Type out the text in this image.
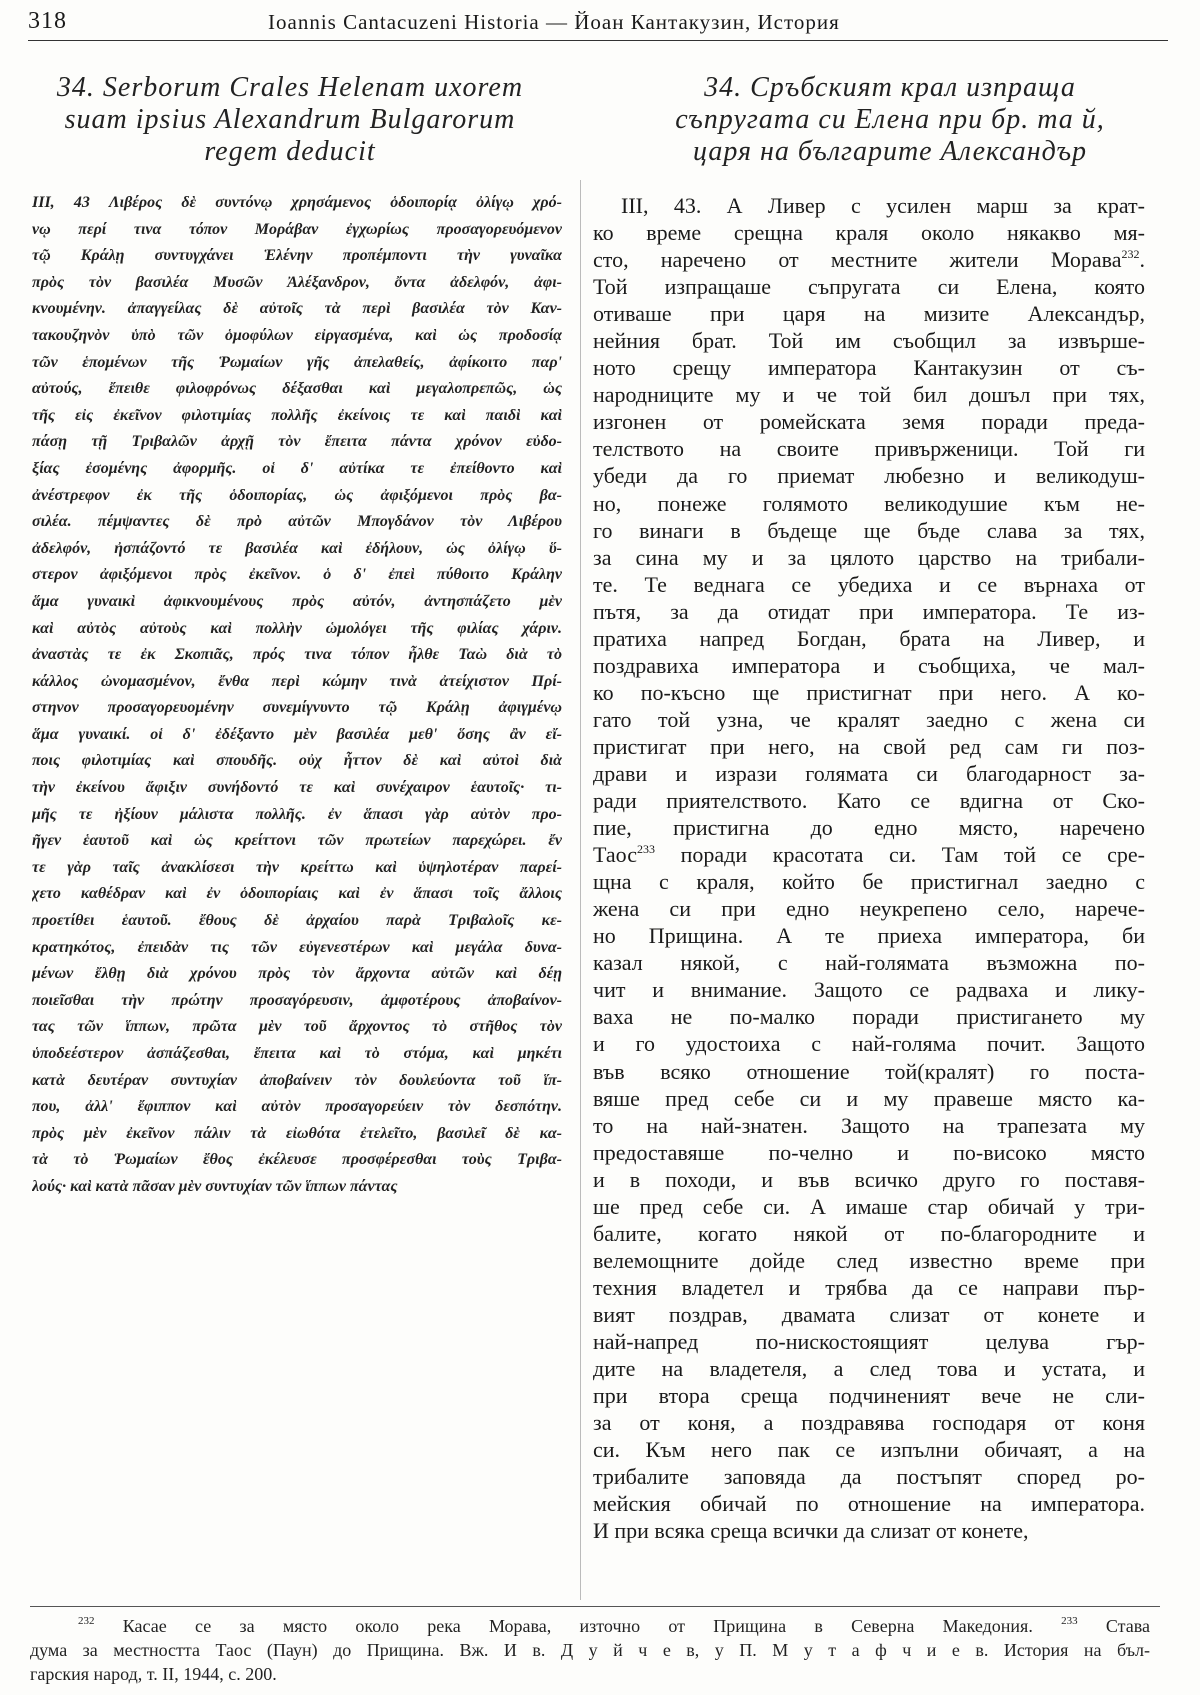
318	Ioannis Cantacuzeni Historia — Йоан Кантакузин, История
34. Serborum Crales Helenam uxorem
suam ipsius Alexandrum Bulgarorum
regem deducit
34. Сръбският крал изпраща
съпругата си Елена при бр. та й,
царя на българите Александър
III, 43 Λιβέρος δὲ συντόνῳ χρησάμενος ὁδοιπορίᾳ ὀλίγῳ χρό-
νῳ περί τινα τόπον Μοράβαν ἐγχωρίως προσαγορευόμενον
τῷ Κράλῃ συντυγχάνει Ἑλένην προπέμποντι τὴν γυναῖκα
πρὸς τὸν βασιλέα Μυσῶν Ἀλέξανδρον, ὄντα ἀδελφόν, ἀφι-
κνουμένην. ἀπαγγείλας δὲ αὐτοῖς τὰ περὶ βασιλέα τὸν Καν-
τακουζηνὸν ὑπὸ τῶν ὁμοφύλων εἰργασμένα, καὶ ὡς προδοσίᾳ
τῶν ἑπομένων τῆς Ῥωμαίων γῆς ἀπελαθείς, ἀφίκοιτο παρ'
αὐτούς, ἔπειθε φιλοφρόνως δέξασθαι καὶ μεγαλοπρεπῶς, ὡς
τῆς εἰς ἐκεῖνον φιλοτιμίας πολλῆς ἐκείνοις τε καὶ παιδὶ καὶ
πάσῃ τῇ Τριβαλῶν ἀρχῇ τὸν ἔπειτα πάντα χρόνον εὐδο-
ξίας ἐσομένης ἀφορμῆς. οἱ δ' αὐτίκα τε ἐπείθοντο καὶ
ἀνέστρεφον ἐκ τῆς ὁδοιπορίας, ὡς ἀφιξόμενοι πρὸς βα-
σιλέα. πέμψαντες δὲ πρὸ αὐτῶν Μπογδάνον τὸν Λιβέρου
ἀδελφόν, ἠσπάζοντό τε βασιλέα καὶ ἐδήλουν, ὡς ὀλίγῳ ὕ-
στερον ἀφιξόμενοι πρὸς ἐκεῖνον. ὁ δ' ἐπεὶ πύθοιτο Κράλην
ἅμα γυναικὶ ἀφικνουμένους πρὸς αὐτόν, ἀντησπάζετο μὲν
καὶ αὐτὸς αὐτοὺς καὶ πολλὴν ὡμολόγει τῆς φιλίας χάριν.
ἀναστὰς τε ἐκ Σκοπιᾶς, πρός τινα τόπον ἦλθε Ταὼ διὰ τὸ
κάλλος ὠνομασμένον, ἔνθα περὶ κώμην τινὰ ἀτείχιστον Πρί-
στηνον προσαγορευομένην συνεμίγνυντο τῷ Κράλῃ ἀφιγμένῳ
ἅμα γυναικί. οἱ δ' ἐδέξαντο μὲν βασιλέα μεθ' ὅσης ἂν εἴ-
ποις φιλοτιμίας καὶ σπουδῆς. οὐχ ἧττον δὲ καὶ αὐτοὶ διὰ
τὴν ἐκείνου ἄφιξιν συνήδοντό τε καὶ συνέχαιρον ἑαυτοῖς· τι-
μῆς τε ἠξίουν μάλιστα πολλῆς. ἐν ἅπασι γὰρ αὐτὸν προ-
ῆγεν ἑαυτοῦ καὶ ὡς κρείττονι τῶν πρωτείων παρεχώρει. ἔν
τε γὰρ ταῖς ἀνακλίσεσι τὴν κρείττω καὶ ὑψηλοτέραν παρεί-
χετο καθέδραν καὶ ἐν ὁδοιπορίαις καὶ ἐν ἅπασι τοῖς ἄλλοις
προετίθει ἑαυτοῦ. ἔθους δὲ ἀρχαίου παρὰ Τριβαλοῖς κε-
κρατηκότος, ἐπειδὰν τις τῶν εὐγενεστέρων καὶ μεγάλα δυνα-
μένων ἔλθῃ διὰ χρόνου πρὸς τὸν ἄρχοντα αὐτῶν καὶ δέῃ
ποιεῖσθαι τὴν πρώτην προσαγόρευσιν, ἀμφοτέρους ἀποβαίνον-
τας τῶν ἵππων, πρῶτα μὲν τοῦ ἄρχοντος τὸ στῆθος τὸν
ὑποδεέστερον ἀσπάζεσθαι, ἔπειτα καὶ τὸ στόμα, καὶ μηκέτι
κατὰ δευτέραν συντυχίαν ἀποβαίνειν τὸν δουλεύοντα τοῦ ἵπ-
που, ἀλλ' ἔφιππον καὶ αὐτὸν προσαγορεύειν τὸν δεσπότην.
πρὸς μὲν ἐκεῖνον πάλιν τὰ εἰωθότα ἐτελεῖτο, βασιλεῖ δὲ κα-
τὰ τὸ Ῥωμαίων ἔθος ἐκέλευσε προσφέρεσθαι τοὺς Τριβα-
λούς· καὶ κατὰ πᾶσαν μὲν συντυχίαν τῶν ἵππων πάντας
III, 43. А Ливер с усилен марш за крат-
ко време срещна краля около някакво мя-
сто, наречено от местните жители Морава$^{232}$.
Той изпращаше съпругата си Елена, която
отиваше при царя на мизите Александър,
нейния брат. Той им съобщил за извърше-
ното срещу императора Кантакузин от съ-
народниците му и че той бил дошъл при тях,
изгонен от ромейската земя поради преда-
телството на своите привърженици. Той ги
убеди да го приемат любезно и великодуш-
но, понеже голямото великодушие към не-
го винаги в бъдеще ще бъде слава за тях,
за сина му и за цялото царство на трибали-
те. Те веднага се убедиха и се върнаха от
пътя, за да отидат при императора. Те из-
пратиха напред Богдан, брата на Ливер, и
поздравиха императора и съобщиха, че мал-
ко по-късно ще пристигнат при него. А ко-
гато той узна, че кралят заедно с жена си
пристигат при него, на свой ред сам ги поз-
драви и изрази голямата си благодарност за-
ради приятелството. Като се вдигна от Ско-
пие, пристигна до едно място, наречено
Таос$^{233}$ поради красотата си. Там той се сре-
щна с краля, който бе пристигнал заедно с
жена си при едно неукрепено село, нарече-
но Прищина. А те приеха императора, би
казал някой, с най-голямата възможна по-
чит и внимание. Защото се радваха и лику-
ваха не по-малко поради пристигането му
и го удостоиха с най-голяма почит. Защото
във всяко отношение той(кралят) го поста-
вяше пред себе си и му правеше място ка-
то на най-знатен. Защото на трапезата му
предоставяше по-челно и по-високо място
и в походи, и във всичко друго го поставя-
ше пред себе си. А имаше стар обичай у три-
балите, когато някой от по-благородните и
велемощните дойде след известно време при
техния владетел и трябва да се направи пър-
вият поздрав, двамата слизат от конете и
най-напред по-нискостоящият целува гър-
дите на владетеля, а след това и устата, и
при втора среща подчиненият вече не сли-
за от коня, а поздравява господаря от коня
си. Към него пак се изпълни обичаят, а на
трибалите заповяда да постъпят според ро-
мейския обичай по отношение на императора.
И при всяка среща всички да слизат от конете,
$^{232}$ Касае се за място около река Морава, източно от Прищина в Северна Македония. $^{233}$ Става
дума за местността Таос (Паун) до Прищина. Вж. И в. Д у й ч е в, у П. М у т а ф ч и е в. История на бъл-
гарския народ, т. II, 1944, с. 200.
